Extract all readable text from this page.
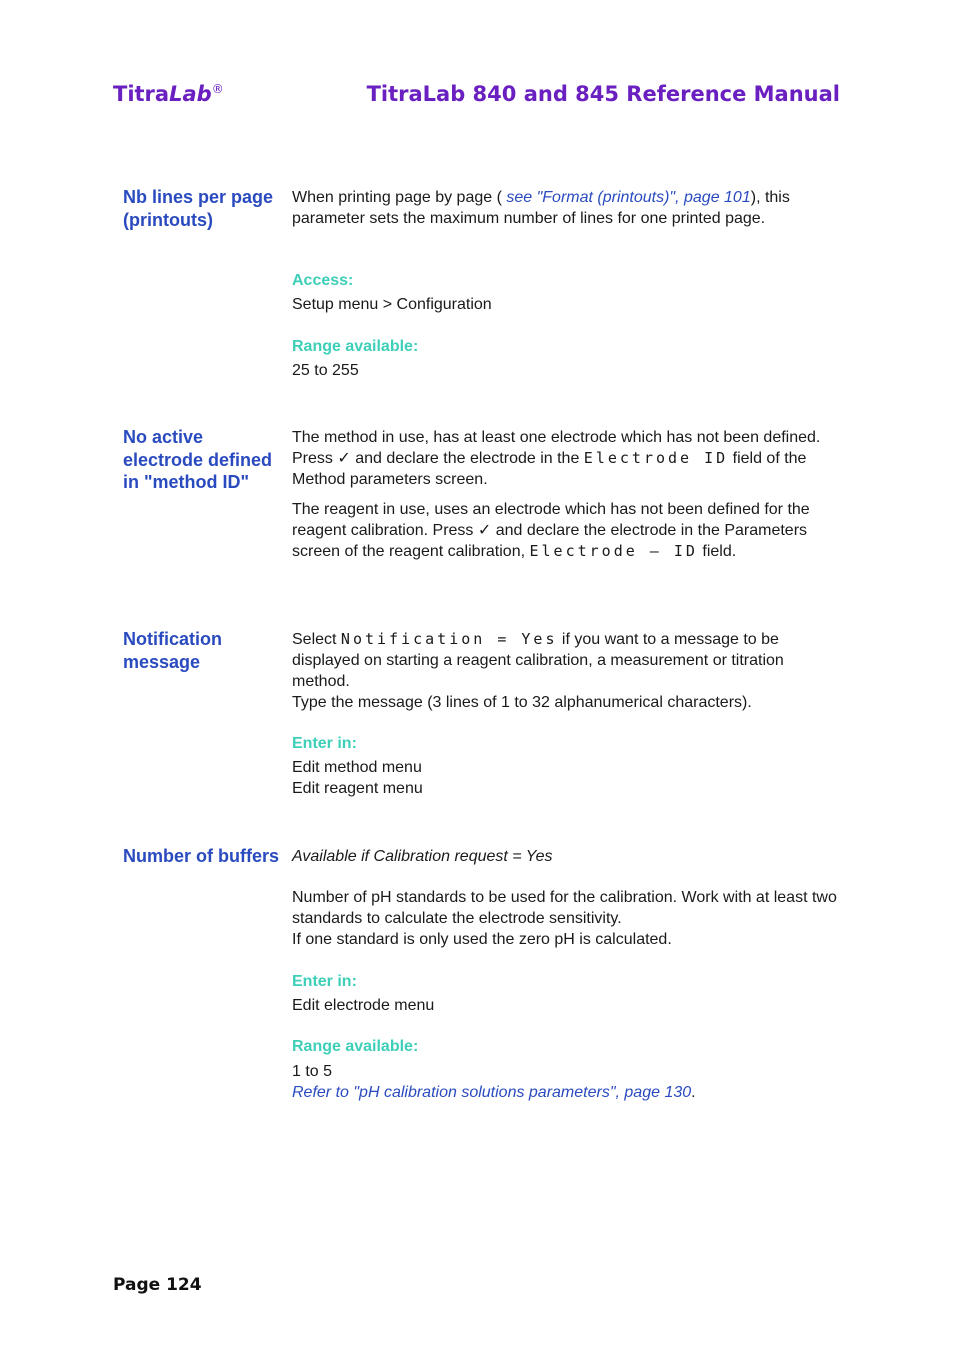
TitraLab®	TitraLab 840 and 845 Reference Manual
Nb lines per page (printouts)

When printing page by page ( see "Format (printouts)", page 101), this parameter sets the maximum number of lines for one printed page.

Access:
Setup menu > Configuration
Range available:
25 to 255
No active electrode defined in "method ID"

The method in use, has at least one electrode which has not been defined. Press ✓ and declare the electrode in the Electrode ID field of the Method parameters screen.

The reagent in use, uses an electrode which has not been defined for the reagent calibration. Press ✓ and declare the electrode in the Parameters screen of the reagent calibration, Electrode – ID field.

Notification message

Select Notification = Yes if you want to a message to be displayed on starting a reagent calibration, a measurement or titration method.

Type the message (3 lines of 1 to 32 alphanumerical characters).

Enter in:

Edit method menu

Edit reagent menu

Number of buffers Available if Calibration request = Yes

Number of pH standards to be used for the calibration. Work with at least two standards to calculate the electrode sensitivity.

If one standard is only used the zero pH is calculated.

Enter in:
Edit electrode menu
Range available:

1 to 5

Refer to "pH calibration solutions parameters", page 130.

Page 124
